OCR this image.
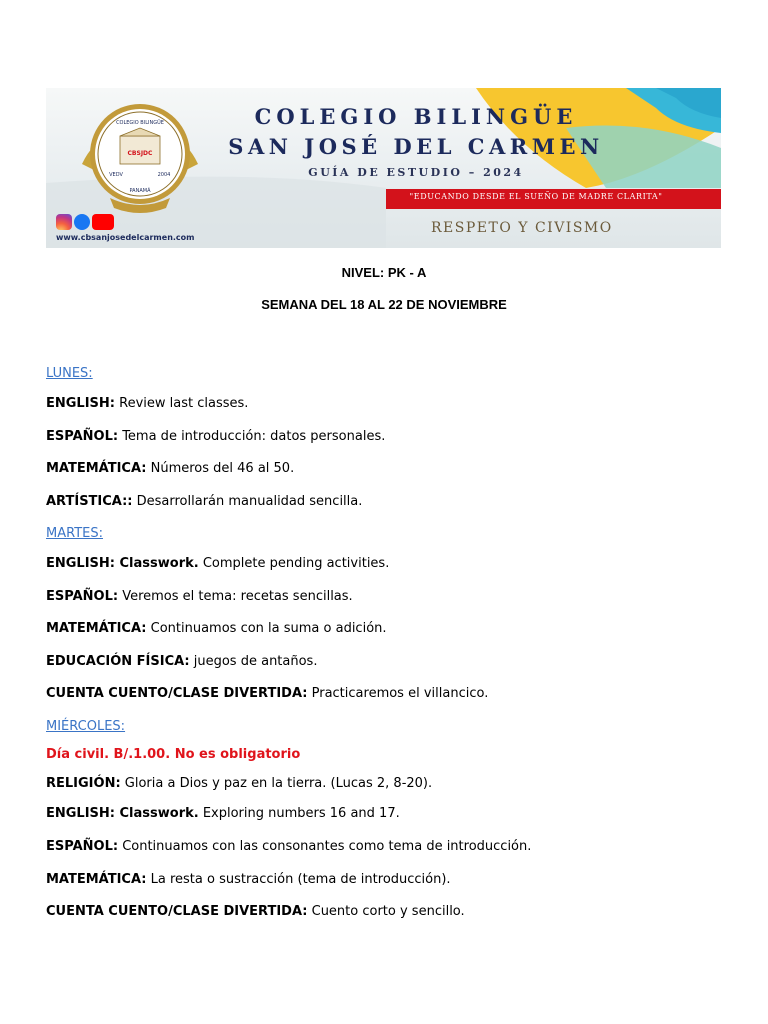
COLEGIO BILINGÜE
CBSJDC
VEDV	2004
PANAMÁ
COLEGIO BILINGÜE
SAN JOSÉ DEL CARMEN
GUÍA DE ESTUDIO – 2024
"EDUCANDO DESDE EL SUEÑO DE MADRE CLARITA"
RESPETO Y CIVISMO
www.cbsanjosedelcarmen.com
NIVEL: PK - A
SEMANA DEL 18 AL 22 DE NOVIEMBRE
LUNES:
ENGLISH: Review last classes.
ESPAÑOL: Tema de introducción: datos personales.
MATEMÁTICA: Números del 46 al 50.
ARTÍSTICA:: Desarrollarán manualidad sencilla.
MARTES:
ENGLISH: Classwork. Complete pending activities.
ESPAÑOL: Veremos el tema: recetas sencillas.
MATEMÁTICA: Continuamos con la suma o adición.
EDUCACIÓN FÍSICA: juegos de antaños.
CUENTA CUENTO/CLASE DIVERTIDA: Practicaremos el villancico.
MIÉRCOLES:
Día civil. B/.1.00. No es obligatorio
RELIGIÓN: Gloria a Dios y paz en la tierra. (Lucas 2, 8-20).
ENGLISH: Classwork. Exploring numbers 16 and 17.
ESPAÑOL: Continuamos con las consonantes como tema de introducción.
MATEMÁTICA: La resta o sustracción (tema de introducción).
CUENTA CUENTO/CLASE DIVERTIDA: Cuento corto y sencillo.
